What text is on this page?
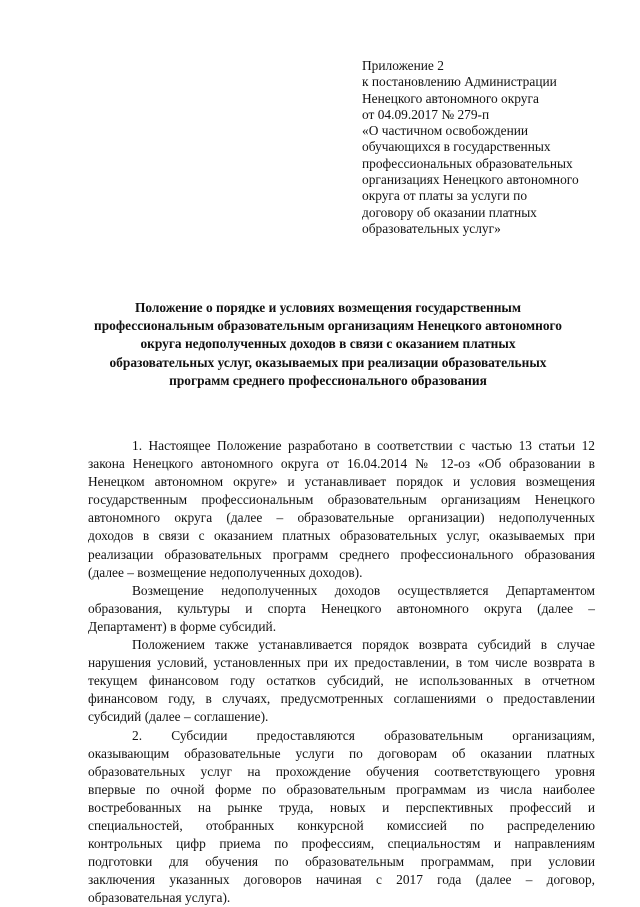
Приложение 2
к постановлению Администрации
Ненецкого автономного округа
от 04.09.2017 № 279-п
«О частичном освобождении
обучающихся в государственных
профессиональных образовательных
организациях Ненецкого автономного
округа от платы за услуги по
договору об оказании платных
образовательных услуг»
Положение о порядке и условиях возмещения государственным
профессиональным образовательным организациям Ненецкого автономного
округа недополученных доходов в связи с оказанием платных
образовательных услуг, оказываемых при реализации образовательных
программ среднего профессионального образования
1. Настоящее Положение разработано в соответствии с частью 13 статьи 12
закона Ненецкого автономного округа от 16.04.2014 № 12-оз «Об образовании в
Ненецком автономном округе» и устанавливает порядок и условия возмещения
государственным профессиональным образовательным организациям Ненецкого
автономного округа (далее – образовательные организации) недополученных
доходов в связи с оказанием платных образовательных услуг, оказываемых при
реализации образовательных программ среднего профессионального образования
(далее – возмещение недополученных доходов).
Возмещение недополученных доходов осуществляется Департаментом
образования, культуры и спорта Ненецкого автономного округа (далее –
Департамент) в форме субсидий.
Положением также устанавливается порядок возврата субсидий в случае
нарушения условий, установленных при их предоставлении, в том числе возврата в
текущем финансовом году остатков субсидий, не использованных в отчетном
финансовом году, в случаях, предусмотренных соглашениями о предоставлении
субсидий (далее – соглашение).
2. Субсидии предоставляются образовательным организациям,
оказывающим образовательные услуги по договорам об оказании платных
образовательных услуг на прохождение обучения соответствующего уровня
впервые по очной форме по образовательным программам из числа наиболее
востребованных на рынке труда, новых и перспективных профессий и
специальностей, отобранных конкурсной комиссией по распределению
контрольных цифр приема по профессиям, специальностям и направлениям
подготовки для обучения по образовательным программам, при условии
заключения указанных договоров начиная с 2017 года (далее – договор,
образовательная услуга).
